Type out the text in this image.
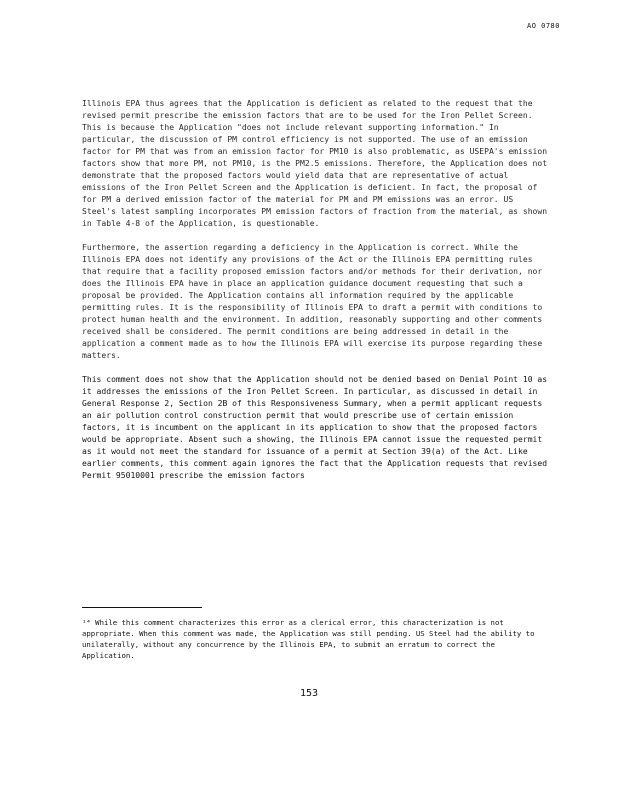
AO 0780

Illinois EPA thus agrees that the Application is deficient as related to the request that the revised permit prescribe the emission factors that are to be used for the Iron Pellet Screen. This is because the Application "does not include relevant supporting information." In particular, the discussion of PM control efficiency is not supported. The use of an emission factor for PM that was from an emission factor for PM10 is also problematic, as USEPA's emission factors show that more PM, not PM10, is the PM2.5 emissions. Therefore, the Application does not demonstrate that the proposed factors would yield data that are representative of actual emissions of the Iron Pellet Screen and the Application is deficient. In fact, the proposal of for PM a derived emission factor of the material for PM and PM emissions was an error. US Steel's latest sampling incorporates PM emission factors of fraction from the material, as shown in Table 4-8 of the Application, is questionable.

Furthermore, the assertion regarding a deficiency in the Application is correct. While the Illinois EPA does not identify any provisions of the Act or the Illinois EPA permitting rules that require that a facility proposed emission factors and/or methods for their derivation, nor does the Illinois EPA have in place an application guidance document requesting that such a proposal be provided. The Application contains all information required by the applicable permitting rules. It is the responsibility of Illinois EPA to draft a permit with conditions to protect human health and the environment. In addition, reasonably supporting and other comments received shall be considered. The permit conditions are being addressed in detail in the application a comment made as to how the Illinois EPA will exercise its purpose regarding these matters.

This comment does not show that the Application should not be denied based on Denial Point 10 as it addresses the emissions of the Iron Pellet Screen. In particular, as discussed in detail in General Response 2, Section 2B of this Responsiveness Summary, when a permit applicant requests an air pollution control construction permit that would prescribe use of certain emission factors, it is incumbent on the applicant in its application to show that the proposed factors would be appropriate. Absent such a showing, the Illinois EPA cannot issue the requested permit as it would not meet the standard for issuance of a permit at Section 39(a) of the Act. Like earlier comments, this comment again ignores the fact that the Application requests that revised Permit 95010001 prescribe the emission factors

¹⁴ While this comment characterizes this error as a clerical error, this characterization is not appropriate. When this comment was made, the Application was still pending. US Steel had the ability to unilaterally, without any concurrence by the Illinois EPA, to submit an erratum to correct the Application.
153
